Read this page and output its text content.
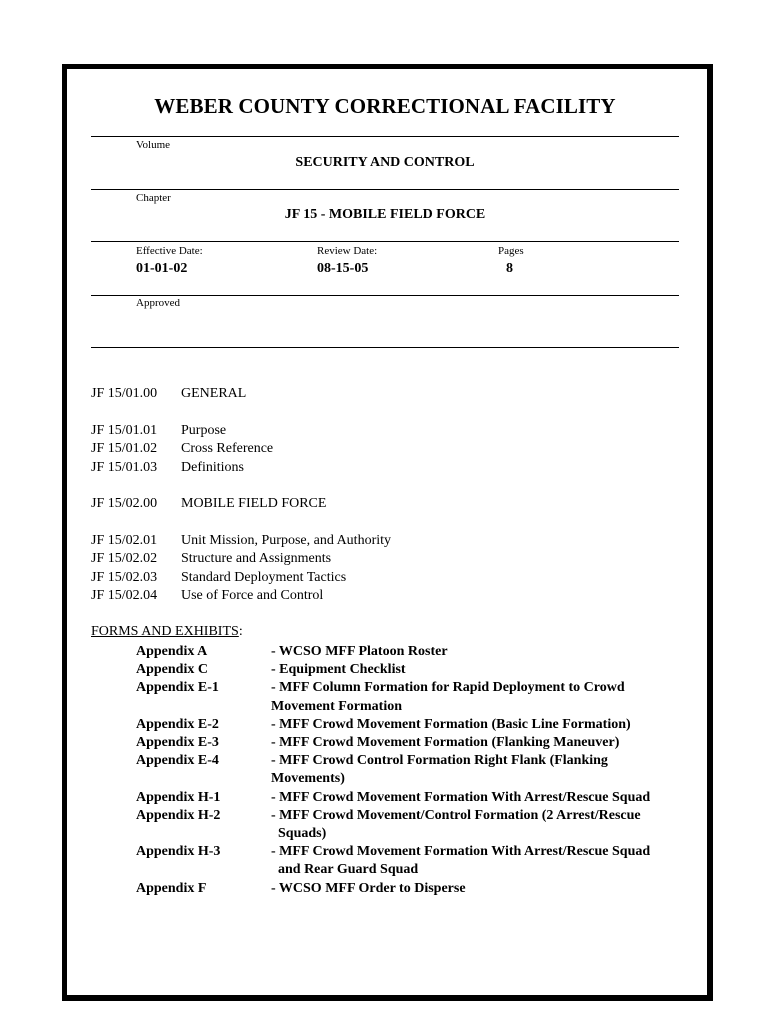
WEBER COUNTY CORRECTIONAL FACILITY
Volume
SECURITY AND CONTROL
Chapter
JF 15 - MOBILE FIELD FORCE
Effective Date:	Review Date:	Pages
01-01-02	08-15-05	8
Approved
JF 15/01.00	GENERAL
JF 15/01.01	Purpose
JF 15/01.02	Cross Reference
JF 15/01.03	Definitions
JF 15/02.00	MOBILE FIELD FORCE
JF 15/02.01	Unit Mission, Purpose, and Authority
JF 15/02.02	Structure and Assignments
JF 15/02.03	Standard Deployment Tactics
JF 15/02.04	Use of Force and Control
FORMS AND EXHIBITS:
Appendix A	- WCSO MFF Platoon Roster
Appendix C	- Equipment Checklist
Appendix E-1	- MFF Column Formation for Rapid Deployment to Crowd
Movement Formation
Appendix E-2	- MFF Crowd Movement Formation (Basic Line Formation)
Appendix E-3	- MFF Crowd Movement Formation (Flanking Maneuver)
Appendix E-4	- MFF Crowd Control Formation Right Flank (Flanking
Movements)
Appendix H-1	- MFF Crowd Movement Formation With Arrest/Rescue Squad
Appendix H-2	- MFF Crowd Movement/Control Formation (2 Arrest/Rescue
Squads)
Appendix H-3	- MFF Crowd Movement Formation With Arrest/Rescue Squad
and Rear Guard Squad
Appendix F	- WCSO MFF Order to Disperse
